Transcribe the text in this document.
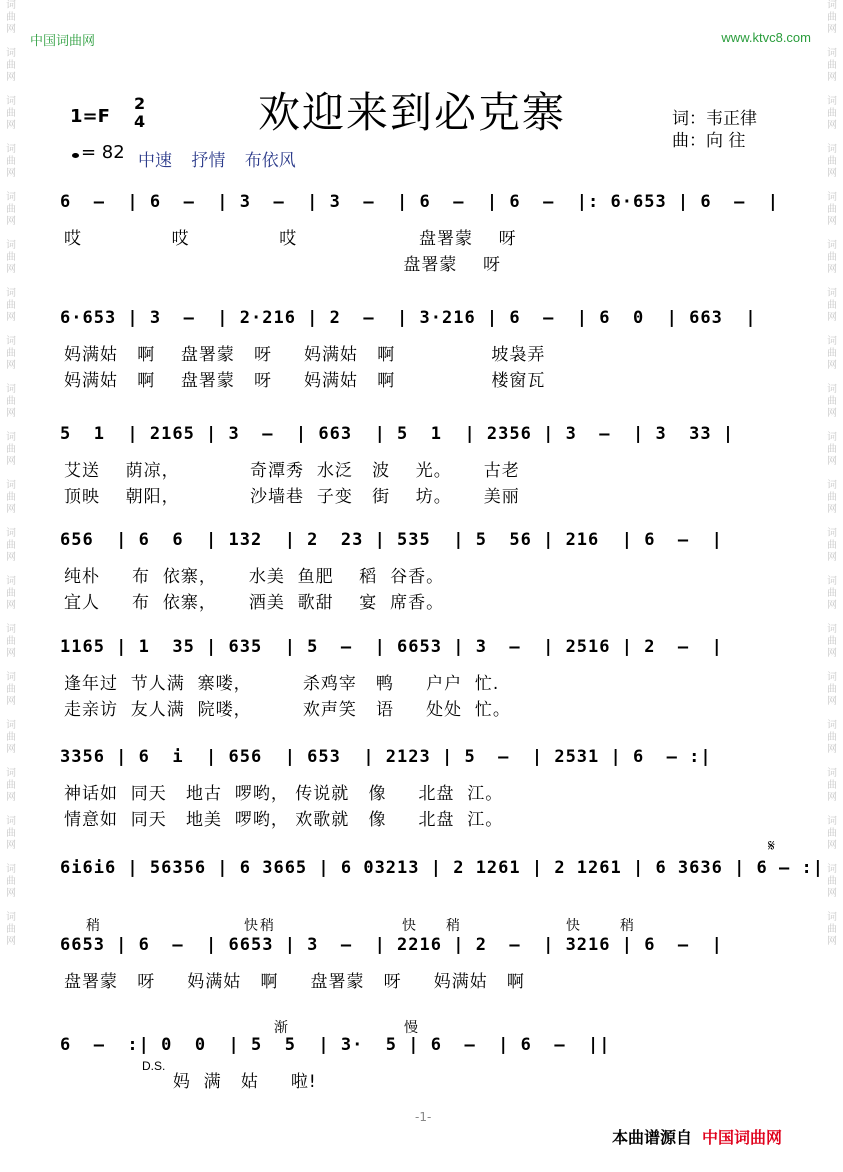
词
曲
网

词
曲
网

词
曲
网

词
曲
网

词
曲
网

词
曲
网

词
曲
网

词
曲
网

词
曲
网

词
曲
网

词
曲
网

词
曲
网

词
曲
网

词
曲
网

词
曲
网

词
曲
网

词
曲
网

词
曲
网

词
曲
网

词
曲
网
词
曲
网

词
曲
网

词
曲
网

词
曲
网

词
曲
网

词
曲
网

词
曲
网

词
曲
网

词
曲
网

词
曲
网

词
曲
网

词
曲
网

词
曲
网

词
曲
网

词
曲
网

词
曲
网

词
曲
网

词
曲
网

词
曲
网

词
曲
网
中国词曲网	www.ktvc8.com
欢迎来到必克寨
1=F
2
4
= 82 中速 抒情 布依风
词：韦正律
曲：向 往
6  –  | 6  –  | 3  –  | 3  –  | 6  –  | 6  –  |: 6·653 | 6  –  |
哎              哎              哎                   盘署蒙    呀
盘署蒙    呀
6·653 | 3  –  | 2·216 | 2  –  | 3·216 | 6  –  | 6  0  | 663  |
妈满姑   啊    盘署蒙   呀     妈满姑   啊               坡袅弄
妈满姑   啊    盘署蒙   呀     妈满姑   啊               楼窗瓦
5  1  | 2165 | 3  –  | 663  | 5  1  | 2356 | 3  –  | 3  33 |
艾送    荫凉，           奇潭秀  水泛   波    光。     古老
顶映    朝阳，           沙墙巷  子变   街    坊。     美丽
656  | 6  6  | 132  | 2  23 | 535  | 5  56 | 216  | 6  –  |
纯朴     布  依寨，     水美  鱼肥    稻  谷香。
宜人     布  依寨，     酒美  歌甜    宴  席香。
1165 | 1  35 | 635  | 5  –  | 6653 | 3  –  | 2516 | 2  –  |
逢年过  节人满  寨喽，        杀鸡宰   鸭     户户  忙.
走亲访  友人满  院喽，        欢声笑   语     处处  忙。
3356 | 6  i  | 656  | 653  | 2123 | 5  –  | 2531 | 6  – :|
神话如  同天   地古  啰哟， 传说就   像     北盘  江。
情意如  同天   地美  啰哟， 欢歌就   像     北盘  江。
6i6i6 | 56356 | 6 3665 | 6 03213 | 2 1261 | 2 1261 | 6 3636 | 6 – :|
𝄋
稍	快 稍	快 稍	快	稍
6653 | 6  –  | 6653 | 3  –  | 2216 | 2  –  | 3216 | 6  –  |
盘署蒙   呀     妈满姑   啊     盘署蒙   呀     妈满姑   啊
渐	慢
6  –  :| 0  0  | 5  5  | 3·  5 | 6  –  | 6  –  ||
D.S.
妈  满   姑     啦!
-1-
本曲谱源自 中国词曲网
